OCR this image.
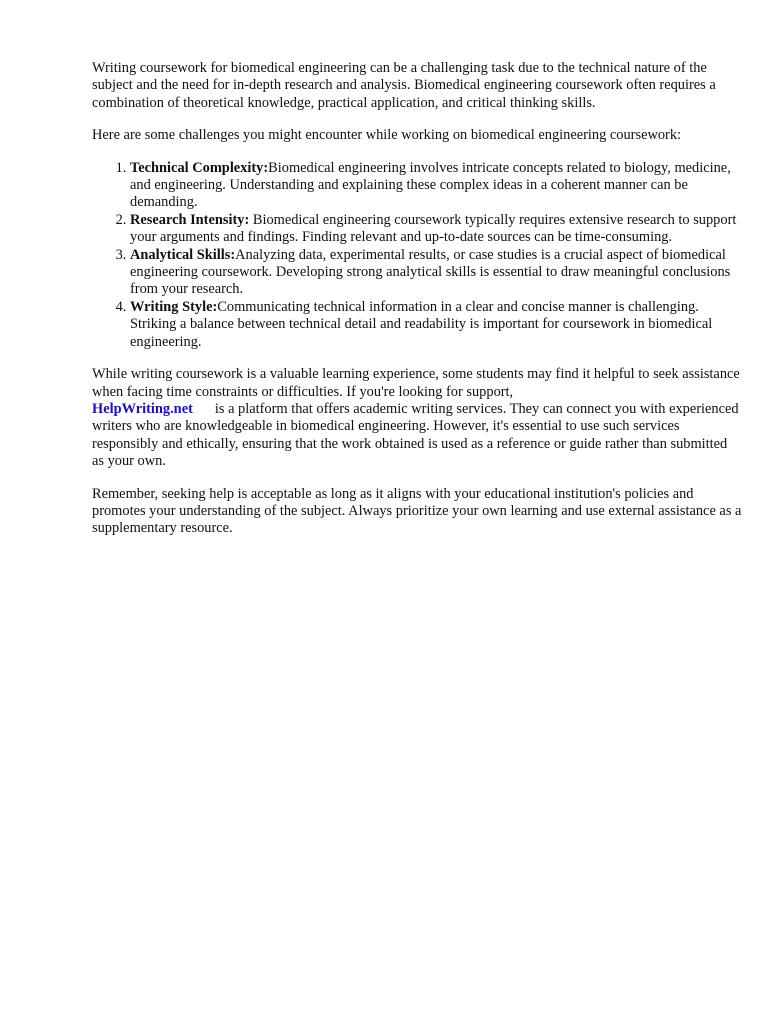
Writing coursework for biomedical engineering can be a challenging task due to the technical nature of the subject and the need for in-depth research and analysis. Biomedical engineering coursework often requires a combination of theoretical knowledge, practical application, and critical thinking skills.

Here are some challenges you might encounter while working on biomedical engineering coursework:

1. Technical Complexity:Biomedical engineering involves intricate concepts related to biology, medicine, and engineering. Understanding and explaining these complex ideas in a coherent manner can be demanding.
2. Research Intensity: Biomedical engineering coursework typically requires extensive research to support your arguments and findings. Finding relevant and up-to-date sources can be time-consuming.
3. Analytical Skills:Analyzing data, experimental results, or case studies is a crucial aspect of biomedical engineering coursework. Developing strong analytical skills is essential to draw meaningful conclusions from your research.
4. Writing Style:Communicating technical information in a clear and concise manner is challenging. Striking a balance between technical detail and readability is important for coursework in biomedical engineering.

While writing coursework is a valuable learning experience, some students may find it helpful to seek assistance when facing time constraints or difficulties. If you're looking for support,
HelpWriting.net is a platform that offers academic writing services. They can connect you with experienced writers who are knowledgeable in biomedical engineering. However, it's essential to use such services responsibly and ethically, ensuring that the work obtained is used as a reference or guide rather than submitted as your own.

Remember, seeking help is acceptable as long as it aligns with your educational institution's policies and promotes your understanding of the subject. Always prioritize your own learning and use external assistance as a supplementary resource.
